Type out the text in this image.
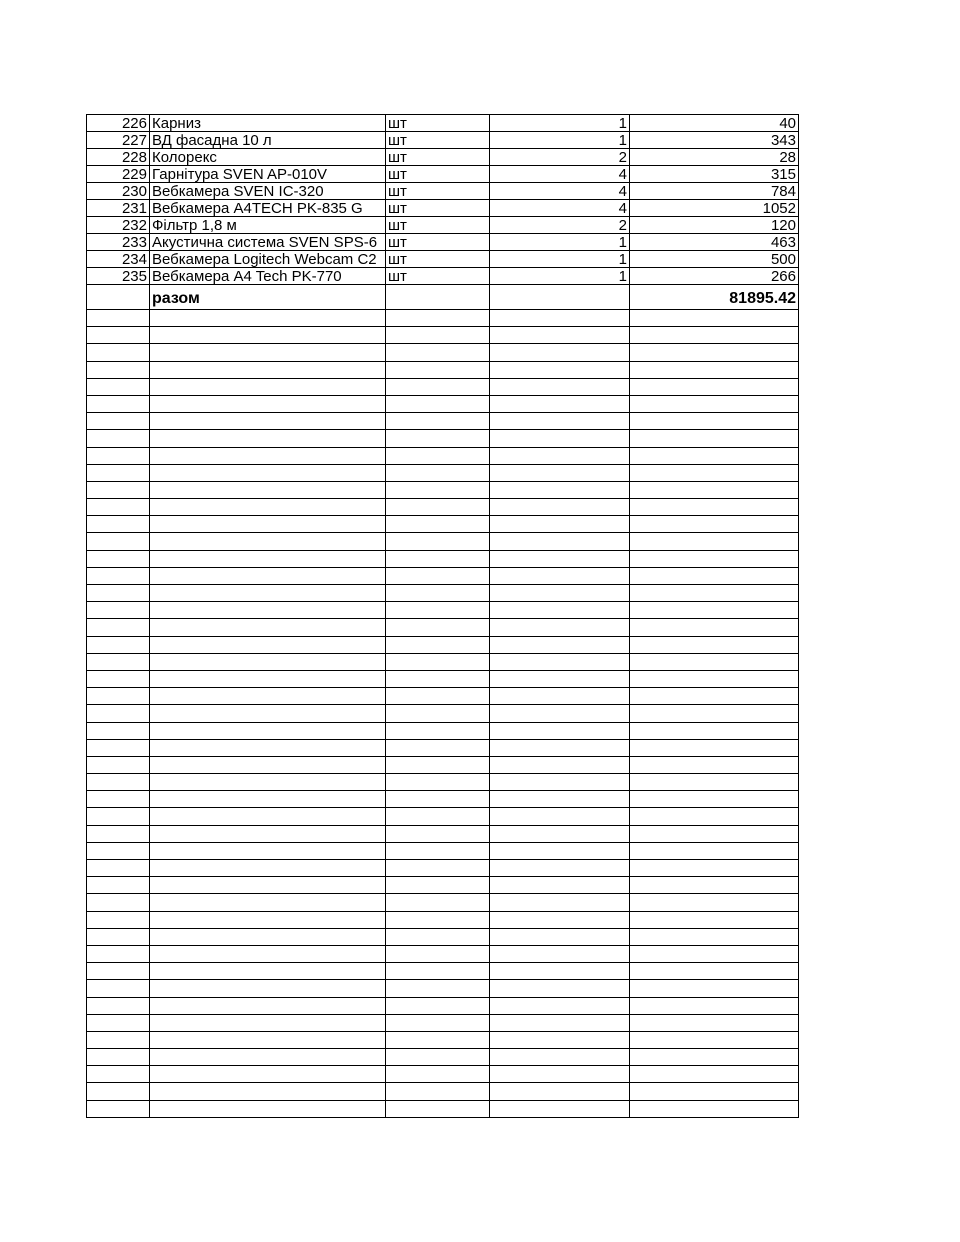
226	Карниз	шт	1	40
227	ВД фасадна 10 л	шт	1	343
228	Колорекс	шт	2	28
229	Гарнітура SVEN AP-010V	шт	4	315
230	Вебкамера SVEN IC-320	шт	4	784
231	Вебкамера A4TECH PK-835 G	шт	4	1052
232	Фільтр 1,8 м	шт	2	120
233	Акустична система SVEN SPS-6	шт	1	463
234	Вебкамера Logitech Webcam C2	шт	1	500
235	Вебкамера A4 Tech PK-770	шт	1	266
	разом			81895.42
